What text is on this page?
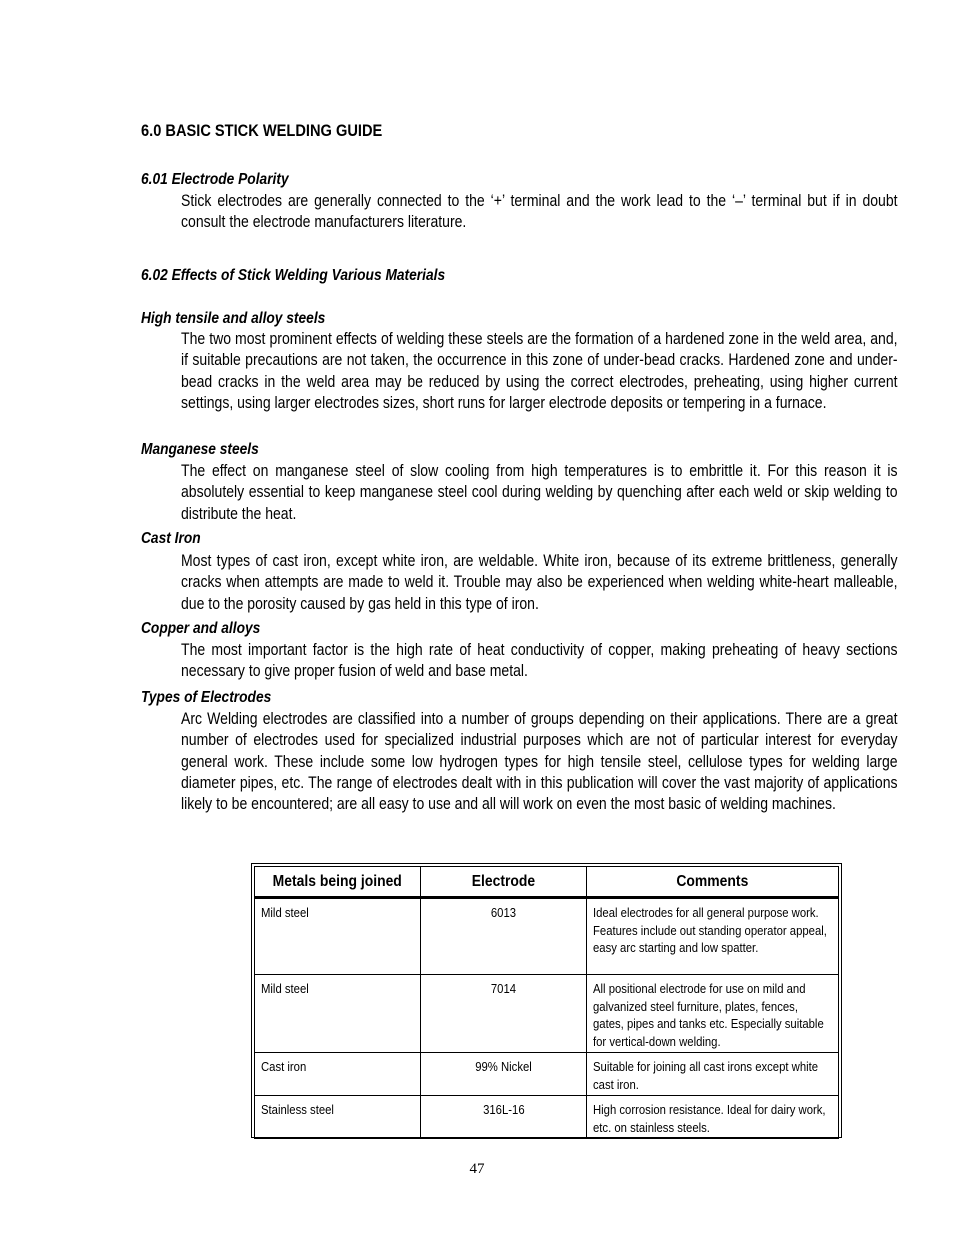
6.0 BASIC STICK WELDING GUIDE
6.01 Electrode Polarity
Stick electrodes are generally connected to the ‘+’ terminal and the work lead to the ‘–’ terminal but if in doubt consult the electrode manufacturers literature.
6.02 Effects of Stick Welding Various Materials
High tensile and alloy steels
The two most prominent effects of welding these steels are the formation of a hardened zone in the weld area, and, if suitable precautions are not taken, the occurrence in this zone of under-bead cracks. Hardened zone and under-bead cracks in the weld area may be reduced by using the correct electrodes, preheating, using higher current settings, using larger electrodes sizes, short runs for larger electrode deposits or tempering in a furnace.
Manganese steels
The effect on manganese steel of slow cooling from high temperatures is to embrittle it. For this reason it is absolutely essential to keep manganese steel cool during welding by quenching after each weld or skip welding to distribute the heat.
Cast Iron
Most types of cast iron, except white iron, are weldable. White iron, because of its extreme brittleness, generally cracks when attempts are made to weld it. Trouble may also be experienced when welding white-heart malleable, due to the porosity caused by gas held in this type of iron.
Copper and alloys
The most important factor is the high rate of heat conductivity of copper, making preheating of heavy sections necessary to give proper fusion of weld and base metal.
Types of Electrodes
Arc Welding electrodes are classified into a number of groups depending on their applications. There are a great number of electrodes used for specialized industrial purposes which are not of particular interest for everyday general work. These include some low hydrogen types for high tensile steel, cellulose types for welding large diameter pipes, etc. The range of electrodes dealt with in this publication will cover the vast majority of applications likely to be encountered; are all easy to use and all will work on even the most basic of welding machines.
Metals being joined	Electrode	Comments
Mild steel	6013	Ideal electrodes for all general purpose work. Features include out standing operator appeal, easy arc starting and low spatter.
Mild steel	7014	All positional electrode for use on mild and galvanized steel furniture, plates, fences, gates, pipes and tanks etc. Especially suitable for vertical-down welding.
Cast iron	99% Nickel	Suitable for joining all cast irons except white cast iron.
Stainless steel	316L-16	High corrosion resistance. Ideal for dairy work, etc. on stainless steels.
47
